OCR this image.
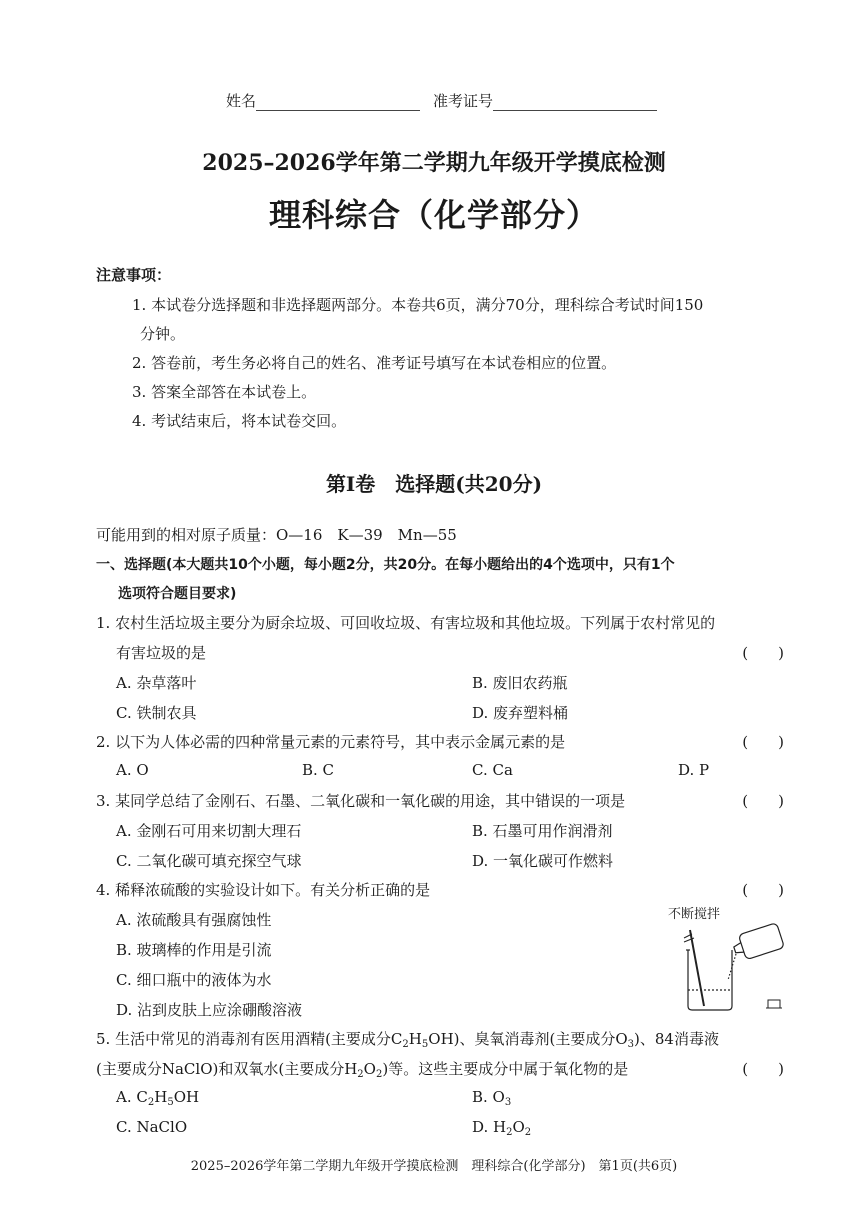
姓名	准考证号
2025–2026学年第二学期九年级开学摸底检测
理科综合（化学部分）
注意事项：
1. 本试卷分选择题和非选择题两部分。本卷共6页，满分70分，理科综合考试时间150
分钟。
2. 答卷前，考生务必将自己的姓名、准考证号填写在本试卷相应的位置。
3. 答案全部答在本试卷上。
4. 考试结束后，将本试卷交回。
第Ⅰ卷　选择题(共20分)
可能用到的相对原子质量：O—16　K—39　Mn—55
一、选择题(本大题共10个小题，每小题2分，共20分。在每小题给出的4个选项中，只有1个
选项符合题目要求)
1. 农村生活垃圾主要分为厨余垃圾、可回收垃圾、有害垃圾和其他垃圾。下列属于农村常见的
有害垃圾的是	(　　)
A. 杂草落叶	B. 废旧农药瓶
C. 铁制农具	D. 废弃塑料桶
2. 以下为人体必需的四种常量元素的元素符号，其中表示金属元素的是	(　　)
A. O	B. C	C. Ca	D. P
3. 某同学总结了金刚石、石墨、二氧化碳和一氧化碳的用途，其中错误的一项是	(　　)
A. 金刚石可用来切割大理石	B. 石墨可用作润滑剂
C. 二氧化碳可填充探空气球	D. 一氧化碳可作燃料
4. 稀释浓硫酸的实验设计如下。有关分析正确的是	(　　)
A. 浓硫酸具有强腐蚀性
B. 玻璃棒的作用是引流
C. 细口瓶中的液体为水
D. 沾到皮肤上应涂硼酸溶液
不断搅拌
5. 生活中常见的消毒剂有医用酒精(主要成分$C_2H_5OH$)、臭氧消毒剂(主要成分$O_3$)、84消毒液
(主要成分NaClO)和双氧水(主要成分$H_2O_2$)等。这些主要成分中属于氧化物的是	(　　)
A. $C_2H_5OH$	B. $O_3$
C. NaClO	D. $H_2O_2$
2025–2026学年第二学期九年级开学摸底检测　理科综合(化学部分)　第1页(共6页)
